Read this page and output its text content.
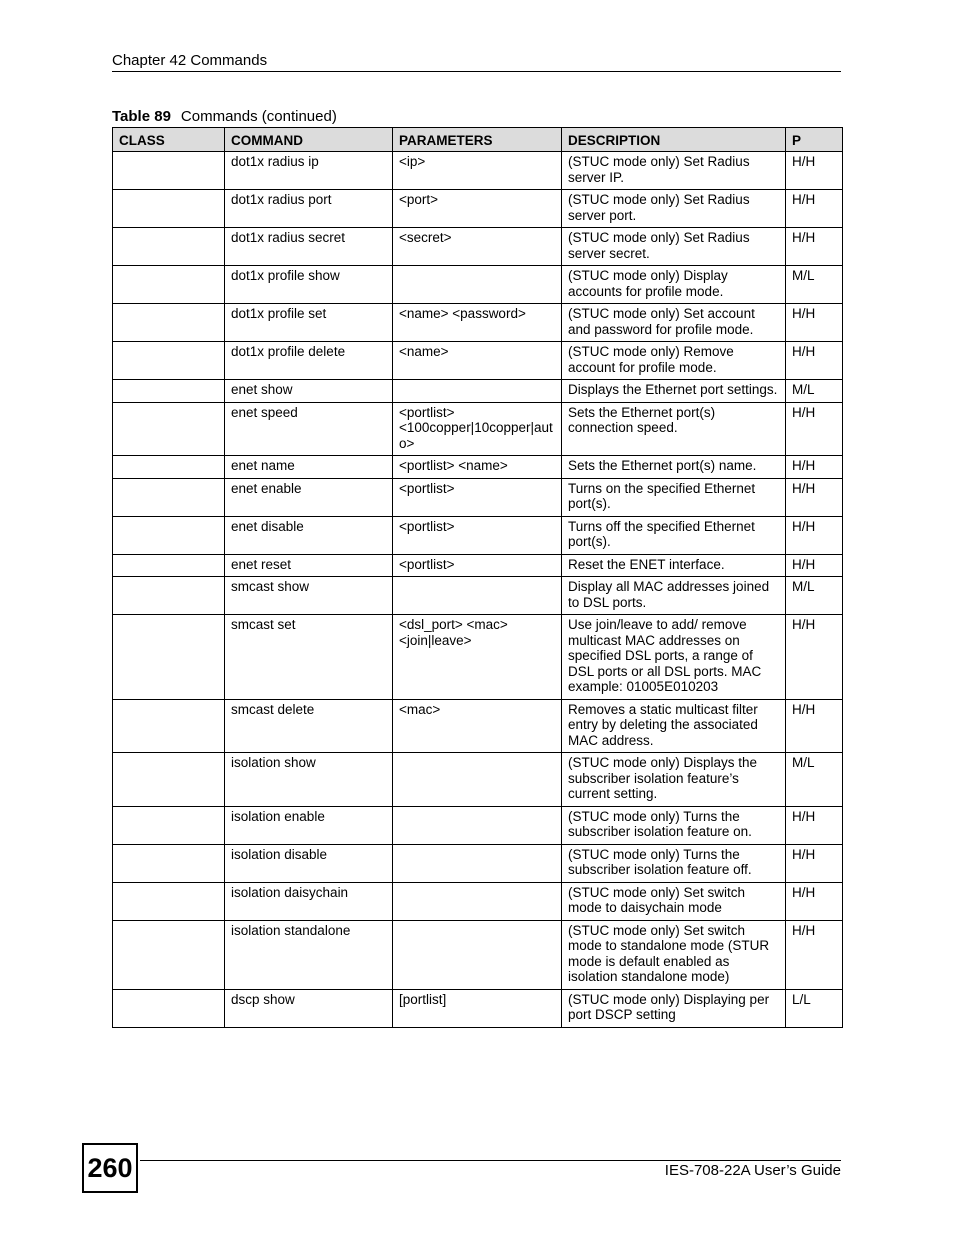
Chapter 42 Commands
Table 89 Commands (continued)
CLASS	COMMAND	PARAMETERS	DESCRIPTION	P
	dot1x radius ip	<ip>	(STUC mode only) Set Radius server IP.	H/H
	dot1x radius port	<port>	(STUC mode only) Set Radius server port.	H/H
	dot1x radius secret	<secret>	(STUC mode only) Set Radius server secret.	H/H
	dot1x profile show		(STUC mode only) Display accounts for profile mode.	M/L
	dot1x profile set	<name> <password>	(STUC mode only) Set account and password for profile mode.	H/H
	dot1x profile delete	<name>	(STUC mode only) Remove account for profile mode.	H/H
	enet show		Displays the Ethernet port settings.	M/L
	enet speed	<portlist> <100copper|10copper|auto>	Sets the Ethernet port(s) connection speed.	H/H
	enet name	<portlist> <name>	Sets the Ethernet port(s) name.	H/H
	enet enable	<portlist>	Turns on the specified Ethernet port(s).	H/H
	enet disable	<portlist>	Turns off the specified Ethernet port(s).	H/H
	enet reset	<portlist>	Reset the ENET interface.	H/H
	smcast show		Display all MAC addresses joined to DSL ports.	M/L
	smcast set	<dsl_port> <mac> <join|leave>	Use join/leave to add/ remove multicast MAC addresses on specified DSL ports, a range of DSL ports or all DSL ports. MAC example: 01005E010203	H/H
	smcast delete	<mac>	Removes a static multicast filter entry by deleting the associated MAC address.	H/H
	isolation show		(STUC mode only) Displays the subscriber isolation feature’s current setting.	M/L
	isolation enable		(STUC mode only) Turns the subscriber isolation feature on.	H/H
	isolation disable		(STUC mode only) Turns the subscriber isolation feature off.	H/H
	isolation daisychain		(STUC mode only) Set switch mode to daisychain mode	H/H
	isolation standalone		(STUC mode only) Set switch mode to standalone mode (STUR mode is default enabled as isolation standalone mode)	H/H
	dscp show	[portlist]	(STUC mode only) Displaying per port DSCP setting	L/L
260	IES-708-22A User’s Guide
